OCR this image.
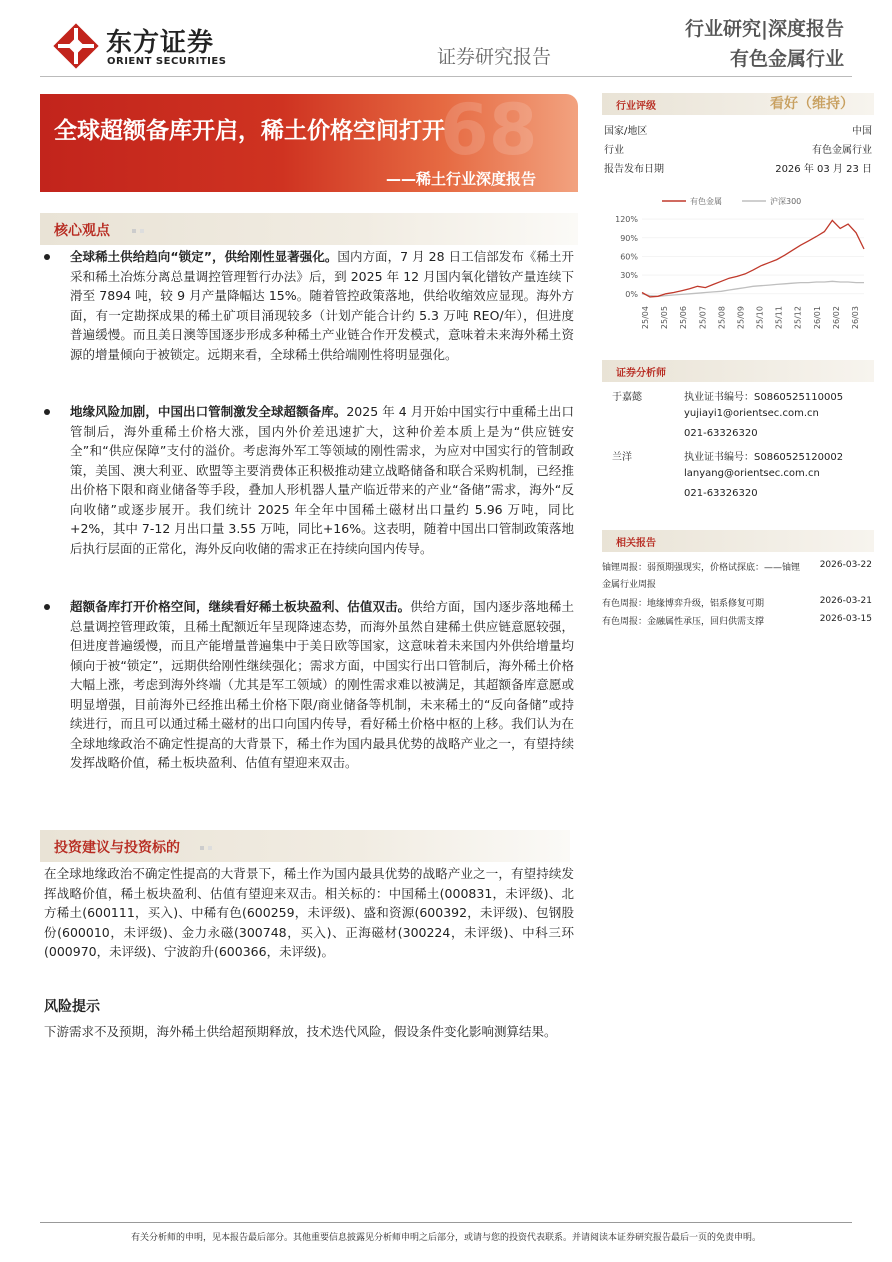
东方证券
ORIENT SECURITIES	证券研究报告
行业研究|深度报告
有色金属行业
68
全球超额备库开启，稀土价格空间打开
——稀土行业深度报告
核心观点
全球稀土供给趋向“锁定”，供给刚性显著强化。国内方面，7 月 28 日工信部发布《稀土开采和稀土冶炼分离总量调控管理暂行办法》后，到 2025 年 12 月国内氧化镨钕产量连续下滑至 7894 吨，较 9 月产量降幅达 15%。随着管控政策落地，供给收缩效应显现。海外方面，有一定勘探成果的稀土矿项目涌现较多（计划产能合计约 5.3 万吨 REO/年），但进度普遍缓慢。而且美日澳等国逐步形成多种稀土产业链合作开发模式，意味着未来海外稀土资源的增量倾向于被锁定。远期来看，全球稀土供给端刚性将明显强化。
地缘风险加剧，中国出口管制激发全球超额备库。2025 年 4 月开始中国实行中重稀土出口管制后，海外重稀土价格大涨，国内外价差迅速扩大，这种价差本质上是为“供应链安全”和“供应保障”支付的溢价。考虑海外军工等领域的刚性需求，为应对中国实行的管制政策，美国、澳大利亚、欧盟等主要消费体正积极推动建立战略储备和联合采购机制，已经推出价格下限和商业储备等手段，叠加人形机器人量产临近带来的产业“备储”需求，海外“反向收储”或逐步展开。我们统计 2025 年全年中国稀土磁材出口量约 5.96 万吨，同比+2%，其中 7-12 月出口量 3.55 万吨，同比+16%。这表明，随着中国出口管制政策落地后执行层面的正常化，海外反向收储的需求正在持续向国内传导。
超额备库打开价格空间，继续看好稀土板块盈利、估值双击。供给方面，国内逐步落地稀土总量调控管理政策，且稀土配额近年呈现降速态势，而海外虽然自建稀土供应链意愿较强，但进度普遍缓慢，而且产能增量普遍集中于美日欧等国家，这意味着未来国内外供给增量均倾向于被“锁定”，远期供给刚性继续强化；需求方面，中国实行出口管制后，海外稀土价格大幅上涨，考虑到海外终端（尤其是军工领域）的刚性需求难以被满足，其超额备库意愿或明显增强，目前海外已经推出稀土价格下限/商业储备等机制，未来稀土的“反向备储”或持续进行，而且可以通过稀土磁材的出口向国内传导，看好稀土价格中枢的上移。我们认为在全球地缘政治不确定性提高的大背景下，稀土作为国内最具优势的战略产业之一，有望持续发挥战略价值，稀土板块盈利、估值有望迎来双击。
投资建议与投资标的
在全球地缘政治不确定性提高的大背景下，稀土作为国内最具优势的战略产业之一，有望持续发挥战略价值，稀土板块盈利、估值有望迎来双击。相关标的：中国稀土(000831，未评级)、北方稀土(600111，买入)、中稀有色(600259，未评级)、盛和资源(600392，未评级)、包钢股份(600010，未评级)、金力永磁(300748，买入)、正海磁材(300224，未评级)、中科三环(000970，未评级)、宁波韵升(600366，未评级)。
风险提示
下游需求不及预期，海外稀土供给超预期释放，技术迭代风险，假设条件变化影响测算结果。
行业评级	看好（维持）
国家/地区	中国
行业	有色金属行业
报告发布日期	2026 年 03 月 23 日
有色金属	沪深300
120%
90%
60%
30%
0%
25/04 25/05 25/06 25/07 25/08 25/09 25/10 25/11 25/12 26/01 26/02 26/03
证券分析师
于嘉懿	执业证书编号：S0860525110005
yujiayi1@orientsec.com.cn
021-63326320
兰洋	执业证书编号：S0860525120002
lanyang@orientsec.com.cn
021-63326320
相关报告
铀锂周报：弱预期强现实，价格试探底：——铀锂金属行业周报
2026-03-22
有色周报：地缘博弈升级，铝系修复可期	2026-03-21
有色周报：金融属性承压，回归供需支撑	2026-03-15
有关分析师的申明，见本报告最后部分。其他重要信息披露见分析师申明之后部分，或请与您的投资代表联系。并请阅读本证券研究报告最后一页的免责申明。
